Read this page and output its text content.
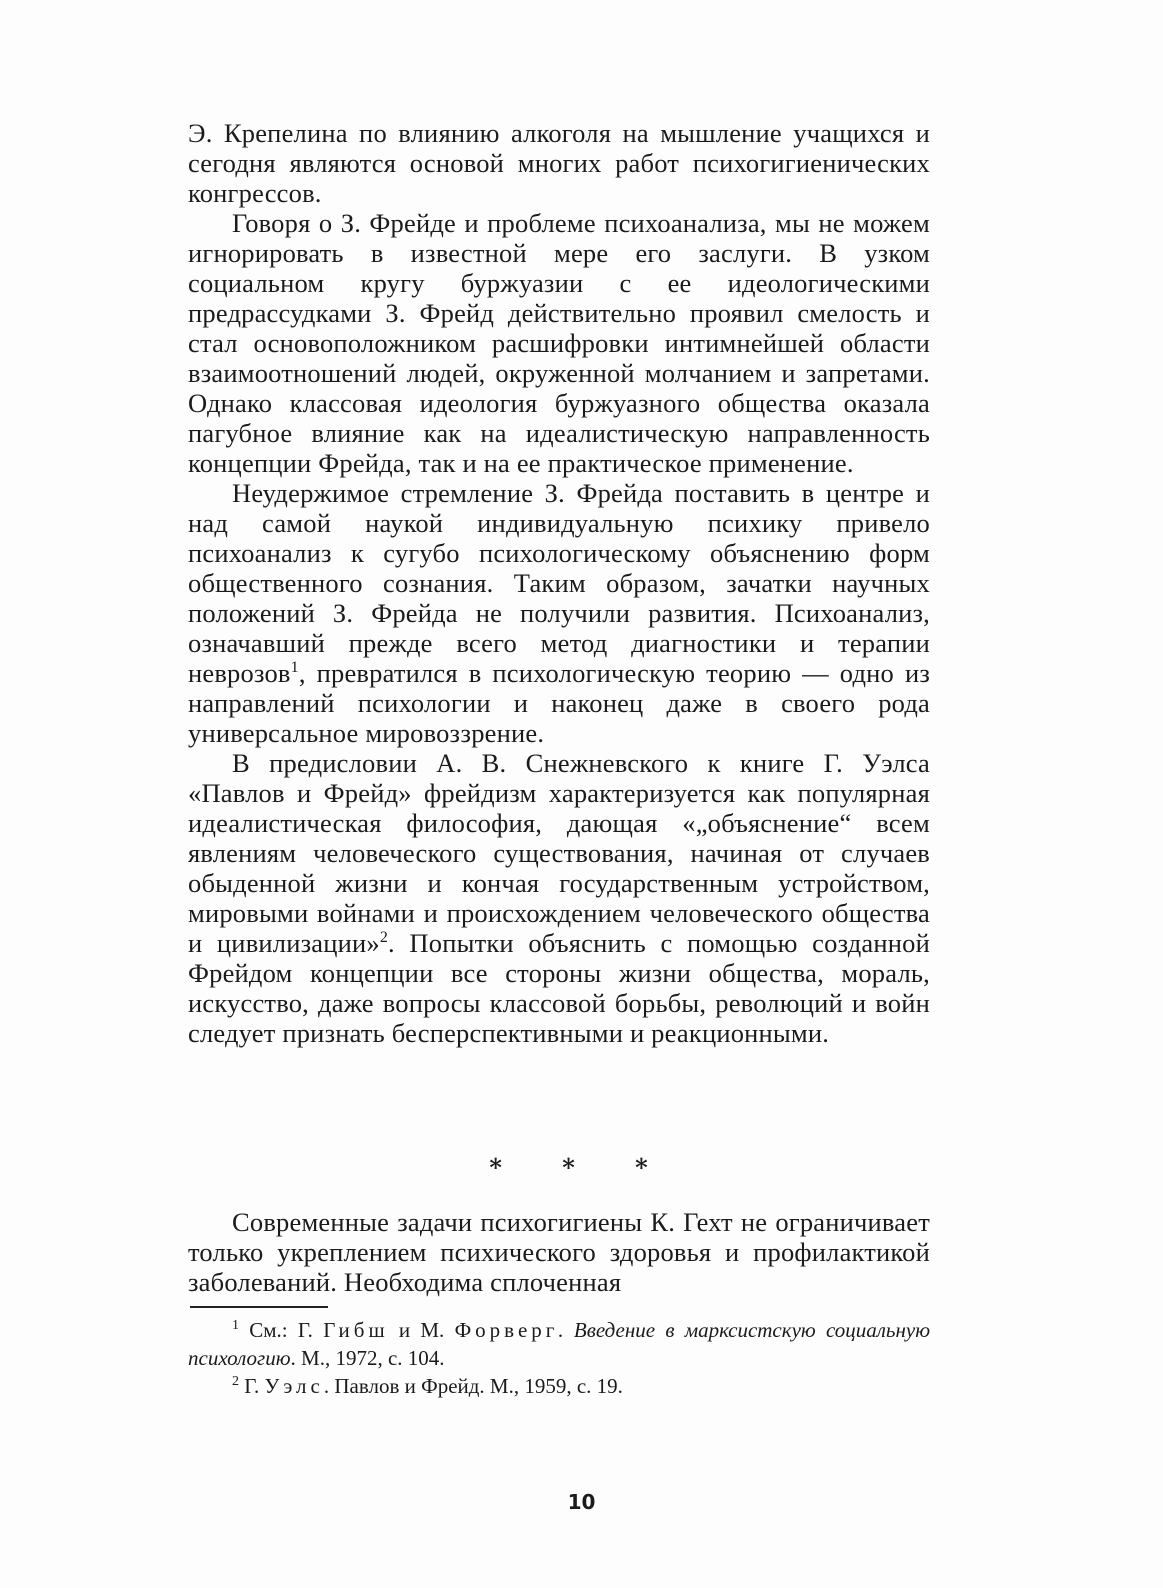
Э. Крепелина по влиянию алкоголя на мышление учащихся и сегодня являются основой многих работ психогигиенических конгрессов.

Говоря о З. Фрейде и проблеме психоанализа, мы не можем игнорировать в известной мере его заслуги. В узком социальном кругу буржуазии с ее идеологическими предрассудками З. Фрейд действительно проявил смелость и стал основоположником расшифровки интимнейшей области взаимоотношений людей, окруженной молчанием и запретами. Однако классовая идеология буржуазного общества оказала пагубное влияние как на идеалистическую направленность концепции Фрейда, так и на ее практическое применение.

Неудержимое стремление З. Фрейда поставить в центре и над самой наукой индивидуальную психику привело психоанализ к сугубо психологическому объяснению форм общественного сознания. Таким образом, зачатки научных положений З. Фрейда не получили развития. Психоанализ, означавший прежде всего метод диагностики и терапии неврозов$^1$, превратился в психологическую теорию — одно из направлений психологии и наконец даже в своего рода универсальное мировоззрение.

В предисловии А. В. Снежневского к книге Г. Уэлса «Павлов и Фрейд» фрейдизм характеризуется как популярная идеалистическая философия, дающая «„объяснение“ всем явлениям человеческого существования, начиная от случаев обыденной жизни и кончая государственным устройством, мировыми войнами и происхождением человеческого общества и цивилизации»$^2$. Попытки объяснить с помощью созданной Фрейдом концепции все стороны жизни общества, мораль, искусство, даже вопросы классовой борьбы, революций и войн следует признать бесперспективными и реакционными.

* * *

Современные задачи психогигиены К. Гехт не ограничивает только укреплением психического здоровья и профилактикой заболеваний. Необходима сплоченная

$^1$ См.: Г. Гибш и М. Форверг. Введение в марксистскую социальную психологию. М., 1972, с. 104.

$^2$ Г. Уэлс. Павлов и Фрейд. М., 1959, с. 19.

10
